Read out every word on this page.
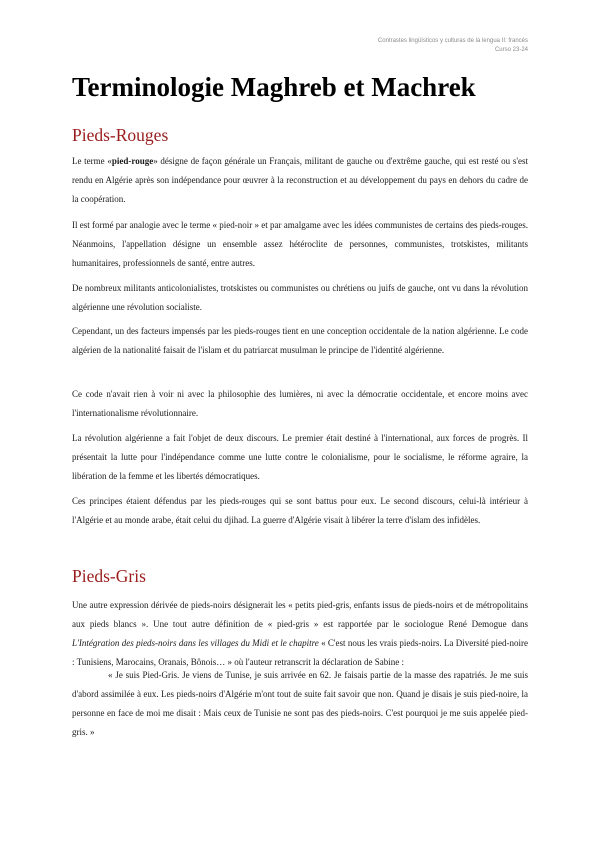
Contrastes lingüísticos y culturas de la lengua II: francés
Curso 23-24
Terminologie Maghreb et Machrek
Pieds-Rouges

Le terme «pied-rouge» désigne de façon générale un Français, militant de gauche ou d'extrême gauche, qui est resté ou s'est rendu en Algérie après son indépendance pour œuvrer à la reconstruction et au développement du pays en dehors du cadre de la coopération.

Il est formé par analogie avec le terme « pied-noir » et par amalgame avec les idées communistes de certains des pieds-rouges. Néanmoins, l'appellation désigne un ensemble assez hétéroclite de personnes, communistes, trotskistes, militants humanitaires, professionnels de santé, entre autres.

De nombreux militants anticolonialistes, trotskistes ou communistes ou chrétiens ou juifs de gauche, ont vu dans la révolution algérienne une révolution socialiste.

Cependant, un des facteurs impensés par les pieds-rouges tient en une conception occidentale de la nation algérienne. Le code algérien de la nationalité faisait de l'islam et du patriarcat musulman le principe de l'identité algérienne.

Ce code n'avait rien à voir ni avec la philosophie des lumières, ni avec la démocratie occidentale, et encore moins avec l'internationalisme révolutionnaire.

La révolution algérienne a fait l'objet de deux discours. Le premier était destiné à l'international, aux forces de progrès. Il présentait la lutte pour l'indépendance comme une lutte contre le colonialisme, pour le socialisme, le réforme agraire, la libération de la femme et les libertés démocratiques.

Ces principes étaient défendus par les pieds-rouges qui se sont battus pour eux. Le second discours, celui-là intérieur à l'Algérie et au monde arabe, était celui du djihad. La guerre d'Algérie visait à libérer la terre d'islam des infidèles.

Pieds-Gris

Une autre expression dérivée de pieds-noirs désignerait les « petits pied-gris, enfants issus de pieds-noirs et de métropolitains aux pieds blancs ». Une tout autre définition de « pied-gris » est rapportée par le sociologue René Demogue dans L'Intégration des pieds-noirs dans les villages du Midi et le chapitre « C'est nous les vrais pieds-noirs. La Diversité pied-noire : Tunisiens, Marocains, Oranais, Bônois… » où l'auteur retranscrit la déclaration de Sabine :

« Je suis Pied-Gris. Je viens de Tunise, je suis arrivée en 62. Je faisais partie de la masse des rapatriés. Je me suis d'abord assimilée à eux. Les pieds-noirs d'Algérie m'ont tout de suite fait savoir que non. Quand je disais je suis pied-noire, la personne en face de moi me disait : Mais ceux de Tunisie ne sont pas des pieds-noirs. C'est pourquoi je me suis appelée pied-gris. »
